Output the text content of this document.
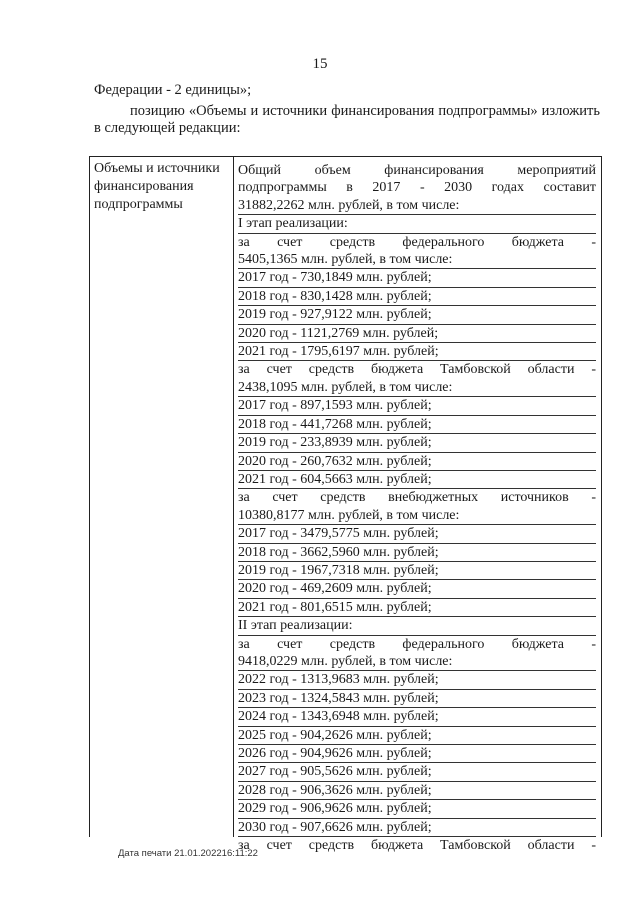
15
Федерации - 2 единицы»;
позицию «Объемы и источники финансирования подпрограммы» изложить в следующей редакции:
Объемы и источники финансирования подпрограммы
Общий объем финансирования мероприятий
подпрограммы в 2017 - 2030 годах составит
31882,2262 млн. рублей, в том числе:
I этап реализации:
за счет средств федерального бюджета -
5405,1365 млн. рублей, в том числе:
2017 год - 730,1849 млн. рублей;
2018 год - 830,1428 млн. рублей;
2019 год - 927,9122 млн. рублей;
2020 год - 1121,2769 млн. рублей;
2021 год - 1795,6197 млн. рублей;
за счет средств бюджета Тамбовской области -
2438,1095 млн. рублей, в том числе:
2017 год - 897,1593 млн. рублей;
2018 год - 441,7268 млн. рублей;
2019 год - 233,8939 млн. рублей;
2020 год - 260,7632 млн. рублей;
2021 год - 604,5663 млн. рублей;
за счет средств внебюджетных источников -
10380,8177 млн. рублей, в том числе:
2017 год - 3479,5775 млн. рублей;
2018 год - 3662,5960 млн. рублей;
2019 год - 1967,7318 млн. рублей;
2020 год - 469,2609 млн. рублей;
2021 год - 801,6515 млн. рублей;
II этап реализации:
за счет средств федерального бюджета -
9418,0229 млн. рублей, в том числе:
2022 год - 1313,9683 млн. рублей;
2023 год - 1324,5843 млн. рублей;
2024 год - 1343,6948 млн. рублей;
2025 год - 904,2626 млн. рублей;
2026 год - 904,9626 млн. рублей;
2027 год - 905,5626 млн. рублей;
2028 год - 906,3626 млн. рублей;
2029 год - 906,9626 млн. рублей;
2030 год - 907,6626 млн. рублей;
за счет средств бюджета Тамбовской области -
Дата печати 21.01.202216:11:22
